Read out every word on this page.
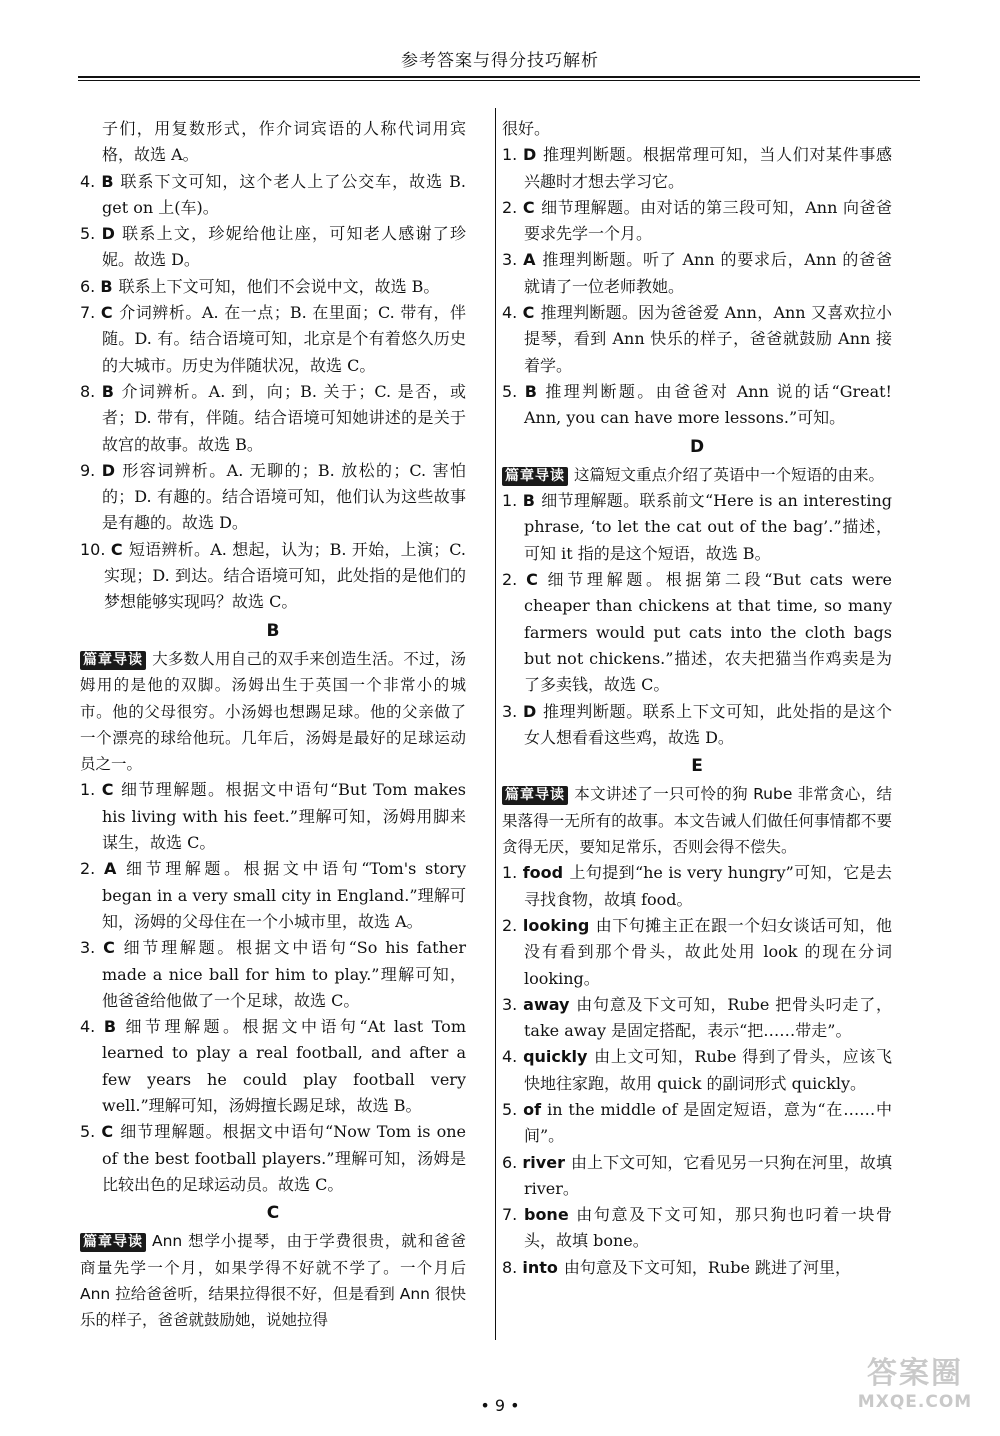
参考答案与得分技巧解析
子们，用复数形式，作介词宾语的人称代词用宾格，故选 A。
4. B 联系下文可知，这个老人上了公交车，故选 B. get on 上(车)。
5. D 联系上文，珍妮给他让座，可知老人感谢了珍妮。故选 D。
6. B 联系上下文可知，他们不会说中文，故选 B。
7. C 介词辨析。A. 在一点；B. 在里面；C. 带有，伴随。D. 有。结合语境可知，北京是个有着悠久历史的大城市。历史为伴随状况，故选 C。
8. B 介词辨析。A. 到，向；B. 关于；C. 是否，或者；D. 带有，伴随。结合语境可知她讲述的是关于故宫的故事。故选 B。
9. D 形容词辨析。A. 无聊的；B. 放松的；C. 害怕的；D. 有趣的。结合语境可知，他们认为这些故事是有趣的。故选 D。
10. C 短语辨析。A. 想起，认为；B. 开始，上演；C. 实现；D. 到达。结合语境可知，此处指的是他们的梦想能够实现吗？故选 C。
B
篇章导读 大多数人用自己的双手来创造生活。不过，汤姆用的是他的双脚。汤姆出生于英国一个非常小的城市。他的父母很穷。小汤姆也想踢足球。他的父亲做了一个漂亮的球给他玩。几年后，汤姆是最好的足球运动员之一。
1. C 细节理解题。根据文中语句“But Tom makes his living with his feet.”理解可知，汤姆用脚来谋生，故选 C。
2. A 细节理解题。根据文中语句“Tom's story began in a very small city in England.”理解可知，汤姆的父母住在一个小城市里，故选 A。
3. C 细节理解题。根据文中语句“So his father made a nice ball for him to play.”理解可知，他爸爸给他做了一个足球，故选 C。
4. B 细节理解题。根据文中语句“At last Tom learned to play a real football, and after a few years he could play football very well.”理解可知，汤姆擅长踢足球，故选 B。
5. C 细节理解题。根据文中语句“Now Tom is one of the best football players.”理解可知，汤姆是比较出色的足球运动员。故选 C。
C
篇章导读 Ann 想学小提琴，由于学费很贵，就和爸爸商量先学一个月，如果学得不好就不学了。一个月后 Ann 拉给爸爸听，结果拉得很不好，但是看到 Ann 很快乐的样子，爸爸就鼓励她，说她拉得
很好。
1. D 推理判断题。根据常理可知，当人们对某件事感兴趣时才想去学习它。
2. C 细节理解题。由对话的第三段可知，Ann 向爸爸要求先学一个月。
3. A 推理判断题。听了 Ann 的要求后，Ann 的爸爸就请了一位老师教她。
4. C 推理判断题。因为爸爸爱 Ann，Ann 又喜欢拉小提琴，看到 Ann 快乐的样子，爸爸就鼓励 Ann 接着学。
5. B 推理判断题。由爸爸对 Ann 说的话“Great! Ann, you can have more lessons.”可知。
D
篇章导读 这篇短文重点介绍了英语中一个短语的由来。
1. B 细节理解题。联系前文“Here is an interesting phrase, ‘to let the cat out of the bag’.”描述，可知 it 指的是这个短语，故选 B。
2. C 细节理解题。根据第二段“But cats were cheaper than chickens at that time, so many farmers would put cats into the cloth bags but not chickens.”描述，农夫把猫当作鸡卖是为了多卖钱，故选 C。
3. D 推理判断题。联系上下文可知，此处指的是这个女人想看看这些鸡，故选 D。
E
篇章导读 本文讲述了一只可怜的狗 Rube 非常贪心，结果落得一无所有的故事。本文告诫人们做任何事情都不要贪得无厌，要知足常乐，否则会得不偿失。
1. food 上句提到“he is very hungry”可知，它是去寻找食物，故填 food。
2. looking 由下句摊主正在跟一个妇女谈话可知，他没有看到那个骨头，故此处用 look 的现在分词 looking。
3. away 由句意及下文可知，Rube 把骨头叼走了，take away 是固定搭配，表示“把……带走”。
4. quickly 由上文可知，Rube 得到了骨头，应该飞快地往家跑，故用 quick 的副词形式 quickly。
5. of in the middle of 是固定短语，意为“在……中间”。
6. river 由上下文可知，它看见另一只狗在河里，故填 river。
7. bone 由句意及下文可知，那只狗也叼着一块骨头，故填 bone。
8. into 由句意及下文可知，Rube 跳进了河里，
• 9 •
答案圈
MXQE.COM
